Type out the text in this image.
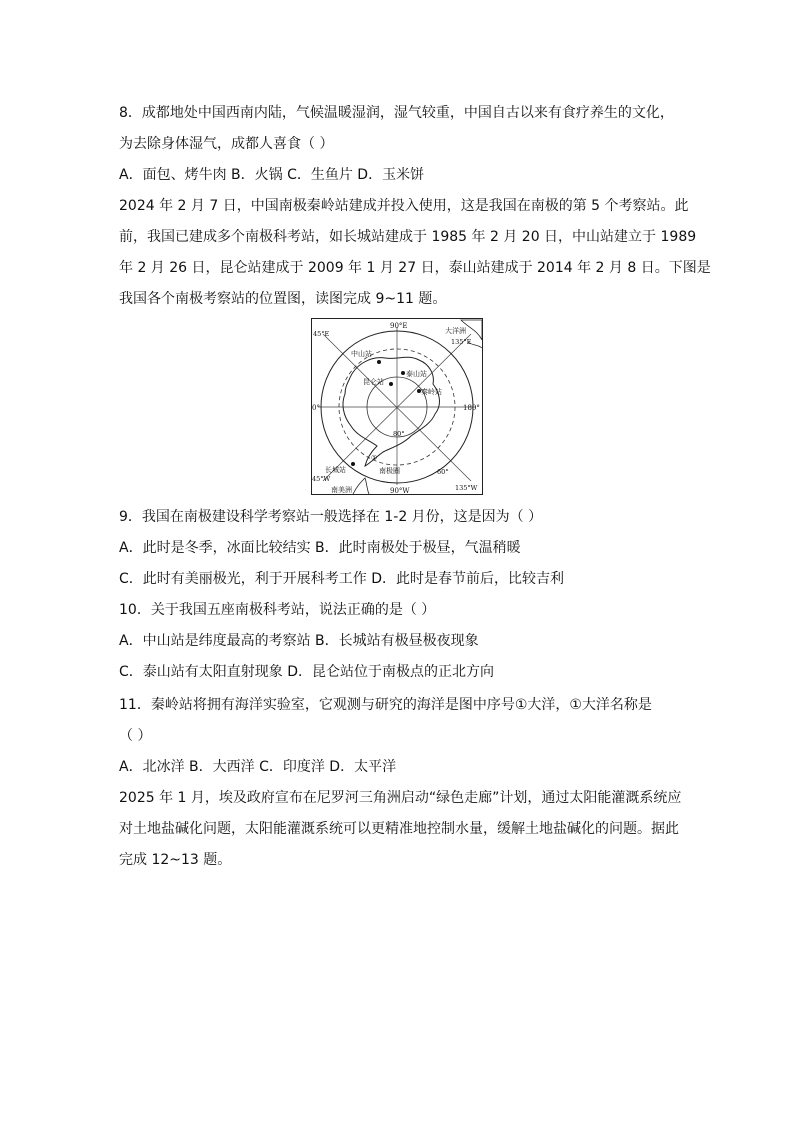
8．成都地处中国西南内陆，气候温暖湿润，湿气较重，中国自古以来有食疗养生的文化，
为去除身体湿气，成都人喜食（ ）
A．面包、烤牛肉 B．火锅 C．生鱼片 D．玉米饼
2024 年 2 月 7 日，中国南极秦岭站建成并投入使用，这是我国在南极的第 5 个考察站。此
前，我国已建成多个南极科考站，如长城站建成于 1985 年 2 月 20 日，中山站建立于 1989
年 2 月 26 日，昆仑站建成于 2009 年 1 月 27 日，泰山站建成于 2014 年 2 月 8 日。下图是
我国各个南极考察站的位置图，读图完成 9~11 题。
90°E
90°W
0°	180°
135°E
45°E
135°W
45°W
80°
60°
中山站
泰山站
昆仑站
秦岭站
长城站	南极圈
大洋洲
南美洲
①
9．我国在南极建设科学考察站一般选择在 1-2 月份，这是因为（ ）
A．此时是冬季，冰面比较结实 B．此时南极处于极昼，气温稍暖
C．此时有美丽极光，利于开展科考工作 D．此时是春节前后，比较吉利
10．关于我国五座南极科考站，说法正确的是（ ）
A．中山站是纬度最高的考察站 B．长城站有极昼极夜现象
C．泰山站有太阳直射现象 D．昆仑站位于南极点的正北方向
11．秦岭站将拥有海洋实验室，它观测与研究的海洋是图中序号①大洋，①大洋名称是
（ ）
A．北冰洋 B．大西洋 C．印度洋 D．太平洋
2025 年 1 月，埃及政府宣布在尼罗河三角洲启动“绿色走廊”计划，通过太阳能灌溉系统应
对土地盐碱化问题，太阳能灌溉系统可以更精准地控制水量，缓解土地盐碱化的问题。据此
完成 12~13 题。
